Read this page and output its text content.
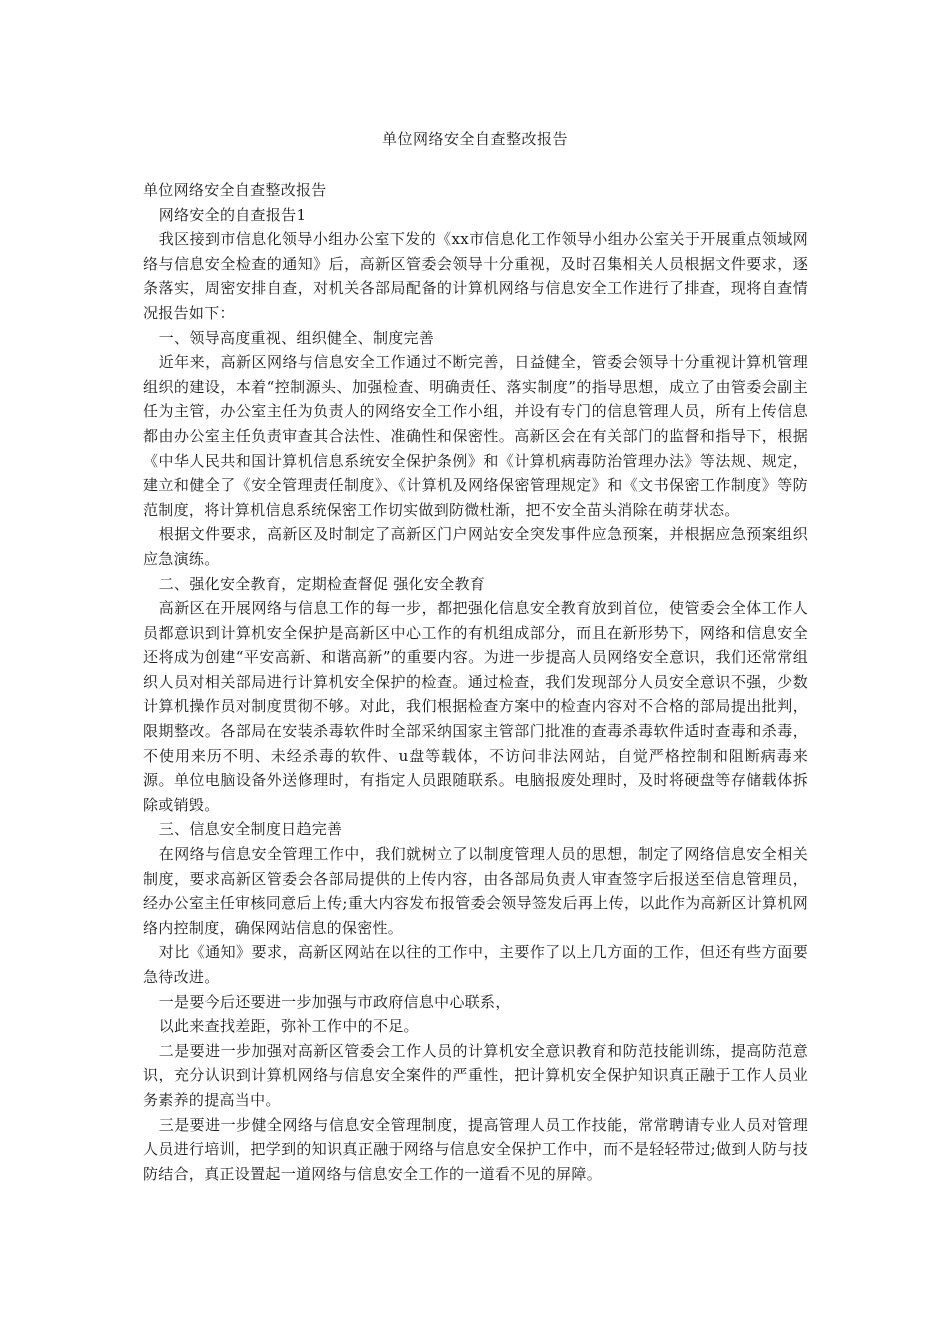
单位网络安全自查整改报告

单位网络安全自查整改报告

网络安全的自查报告1

我区接到市信息化领导小组办公室下发的《xx市信息化工作领导小组办公室关于开展重点领域网络与信息安全检查的通知》后，高新区管委会领导十分重视，及时召集相关人员根据文件要求，逐条落实，周密安排自查，对机关各部局配备的计算机网络与信息安全工作进行了排查，现将自查情况报告如下：

一、领导高度重视、组织健全、制度完善

近年来，高新区网络与信息安全工作通过不断完善，日益健全，管委会领导十分重视计算机管理组织的建设，本着“控制源头、加强检查、明确责任、落实制度”的指导思想，成立了由管委会副主任为主管，办公室主任为负责人的网络安全工作小组，并设有专门的信息管理人员，所有上传信息都由办公室主任负责审查其合法性、准确性和保密性。高新区会在有关部门的监督和指导下，根据《中华人民共和国计算机信息系统安全保护条例》和《计算机病毒防治管理办法》等法规、规定，建立和健全了《安全管理责任制度》、《计算机及网络保密管理规定》和《文书保密工作制度》等防范制度，将计算机信息系统保密工作切实做到防微杜渐，把不安全苗头消除在萌芽状态。

根据文件要求，高新区及时制定了高新区门户网站安全突发事件应急预案，并根据应急预案组织应急演练。

二、强化安全教育，定期检查督促 强化安全教育

高新区在开展网络与信息工作的每一步，都把强化信息安全教育放到首位，使管委会全体工作人员都意识到计算机安全保护是高新区中心工作的有机组成部分，而且在新形势下，网络和信息安全还将成为创建“平安高新、和谐高新”的重要内容。为进一步提高人员网络安全意识，我们还常常组织人员对相关部局进行计算机安全保护的检查。通过检查，我们发现部分人员安全意识不强，少数计算机操作员对制度贯彻不够。对此，我们根据检查方案中的检查内容对不合格的部局提出批判，限期整改。各部局在安装杀毒软件时全部采纳国家主管部门批准的查毒杀毒软件适时查毒和杀毒，不使用来历不明、未经杀毒的软件、u盘等载体，不访问非法网站，自觉严格控制和阻断病毒来源。单位电脑设备外送修理时，有指定人员跟随联系。电脑报废处理时，及时将硬盘等存储载体拆除或销毁。

三、信息安全制度日趋完善

在网络与信息安全管理工作中，我们就树立了以制度管理人员的思想，制定了网络信息安全相关制度，要求高新区管委会各部局提供的上传内容，由各部局负责人审查签字后报送至信息管理员，经办公室主任审核同意后上传;重大内容发布报管委会领导签发后再上传，以此作为高新区计算机网络内控制度，确保网站信息的保密性。

对比《通知》要求，高新区网站在以往的工作中，主要作了以上几方面的工作，但还有些方面要急待改进。

一是要今后还要进一步加强与市政府信息中心联系，

以此来查找差距，弥补工作中的不足。

二是要进一步加强对高新区管委会工作人员的计算机安全意识教育和防范技能训练，提高防范意识，充分认识到计算机网络与信息安全案件的严重性，把计算机安全保护知识真正融于工作人员业务素养的提高当中。

三是要进一步健全网络与信息安全管理制度，提高管理人员工作技能，常常聘请专业人员对管理人员进行培训，把学到的知识真正融于网络与信息安全保护工作中，而不是轻轻带过;做到人防与技防结合，真正设置起一道网络与信息安全工作的一道看不见的屏障。
